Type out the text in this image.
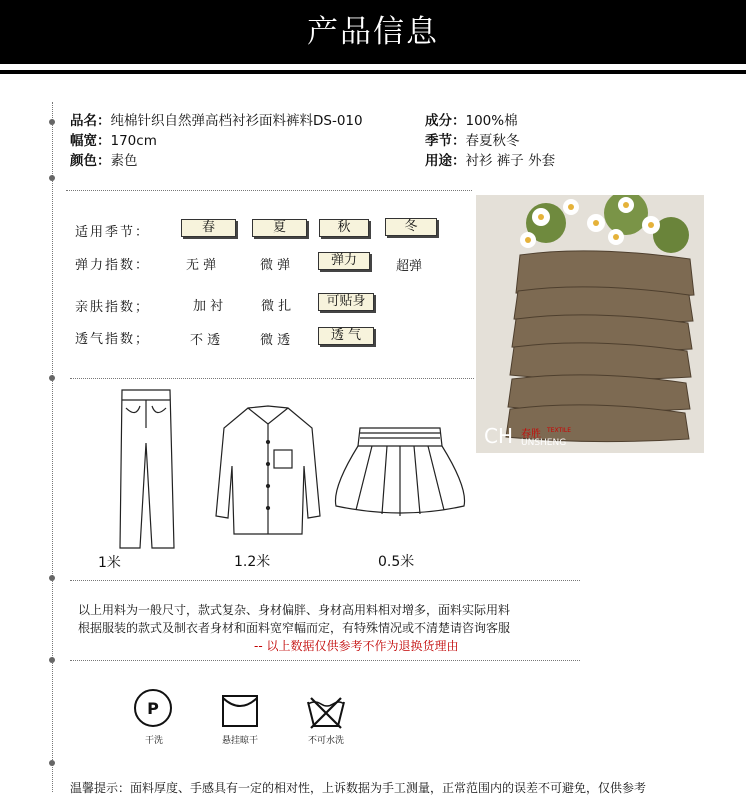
产品信息
品名：纯棉针织自然弹高档衬衫面料裤料DS-010
幅宽：170cm
颜色：素色
成分：100%棉
季节：春夏秋冬
用途：衬衫 裤子 外套
适用季节：	春	夏	秋	冬
弹力指数：	无 弹	微 弹	弹力	超弹
亲肤指数；	加 衬	微 扎	可贴身
透气指数；	不 透	微 透	透 气
春胜
CH UNSHENG
TEXTILE
1米	1.2米	0.5米
以上用料为一般尺寸，款式复杂、身材偏胖、身材高用料相对增多，面料实际用料
根据服装的款式及制衣者身材和面料宽窄幅而定，有特殊情况或不清楚请咨询客服
-- 以上数据仅供参考不作为退换货理由
P
干洗	悬挂晾干	不可水洗
温馨提示：面料厚度、手感具有一定的相对性，上诉数据为手工测量，正常范围内的误差不可避免，仅供参考
